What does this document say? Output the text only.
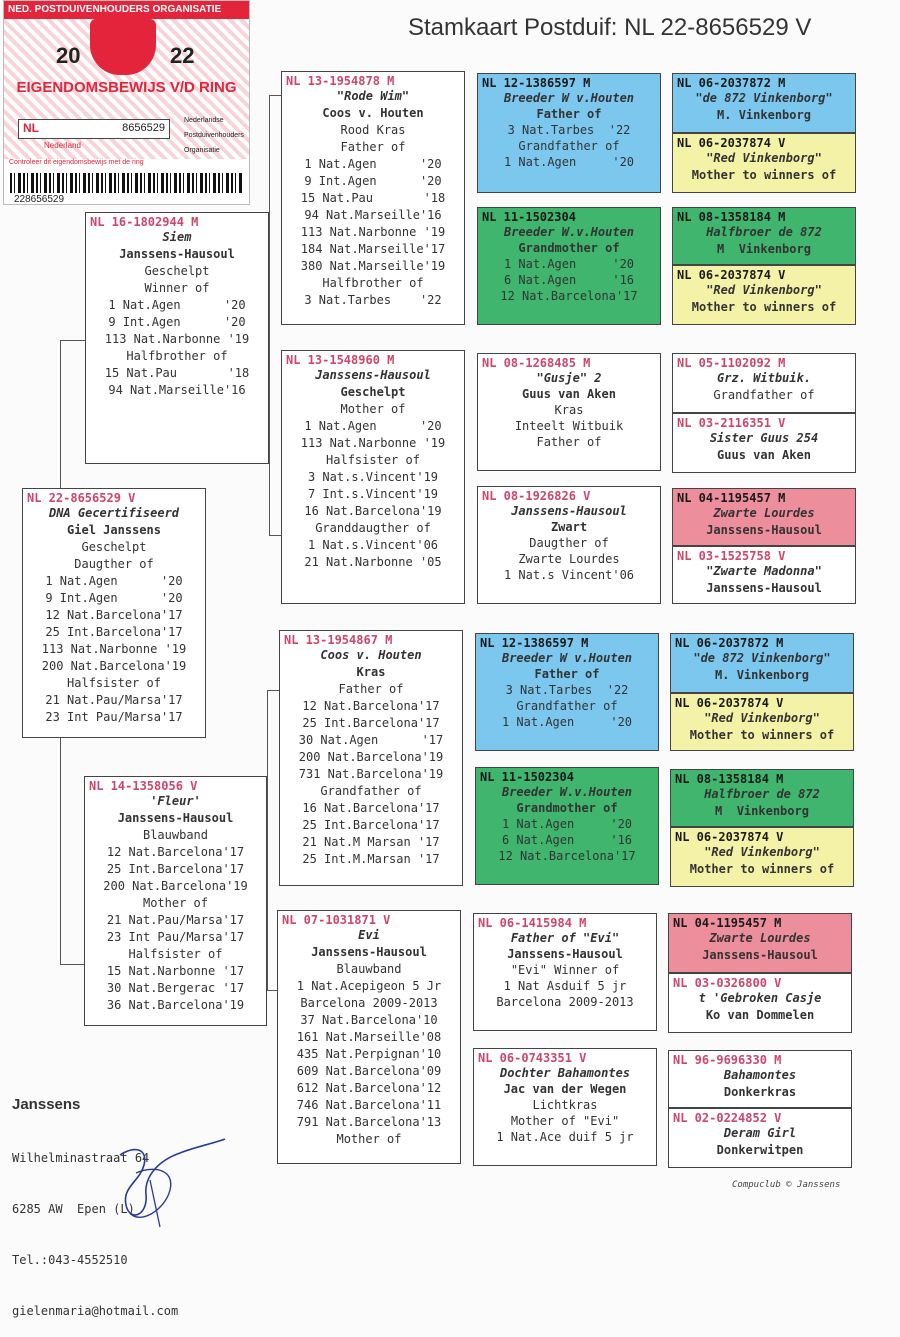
NED. POSTDUIVENHOUDERS ORGANISATIE
20	22
EIGENDOMSBEWIJS V/D RING
NL	8656529
Nederland
Nederlandse
Postduivenhouders
Organisatie
Controleer dit eigendomsbewijs met de ring
228656529
Stamkaart Postduif: NL 22-8656529 V
NL 22-8656529 V
DNA Gecertifiseerd
Giel Janssens
Geschelpt
Daugther of
1 Nat.Agen      '20
9 Int.Agen      '20
12 Nat.Barcelona'17
25 Int.Barcelona'17
113 Nat.Narbonne '19
200 Nat.Barcelona'19
Halfsister of
21 Nat.Pau/Marsa'17
23 Int Pau/Marsa'17
NL 16-1802944 M
Siem
Janssens-Hausoul
Geschelpt
Winner of
1 Nat.Agen      '20
9 Int.Agen      '20
113 Nat.Narbonne '19
Halfbrother of
15 Nat.Pau       '18
94 Nat.Marseille'16
NL 14-1358056 V
'Fleur'
Janssens-Hausoul
Blauwband
12 Nat.Barcelona'17
25 Int.Barcelona'17
200 Nat.Barcelona'19
Mother of
21 Nat.Pau/Marsa'17
23 Int Pau/Marsa'17
Halfsister of
15 Nat.Narbonne '17
30 Nat.Bergerac '17
36 Nat.Barcelona'19
NL 13-1954878 M
"Rode Wim"
Coos v. Houten
Rood Kras
Father of
1 Nat.Agen      '20
9 Int.Agen      '20
15 Nat.Pau       '18
94 Nat.Marseille'16
113 Nat.Narbonne '19
184 Nat.Marseille'17
380 Nat.Marseille'19
Halfbrother of
3 Nat.Tarbes    '22
NL 13-1548960 M
Janssens-Hausoul
Geschelpt
Mother of
1 Nat.Agen      '20
113 Nat.Narbonne '19
Halfsister of
3 Nat.s.Vincent'19
7 Int.s.Vincent'19
16 Nat.Barcelona'19
Granddaugther of
1 Nat.s.Vincent'06
21 Nat.Narbonne '05
NL 13-1954867 M
Coos v. Houten
Kras
Father of
12 Nat.Barcelona'17
25 Int.Barcelona'17
30 Nat.Agen      '17
200 Nat.Barcelona'19
731 Nat.Barcelona'19
Grandfather of
16 Nat.Barcelona'17
25 Int.Barcelona'17
21 Nat.M Marsan '17
25 Int.M.Marsan '17
NL 07-1031871 V
Evi
Janssens-Hausoul
Blauwband
1 Nat.Acepigeon 5 Jr
Barcelona 2009-2013
37 Nat.Barcelona'10
161 Nat.Marseille'08
435 Nat.Perpignan'10
609 Nat.Barcelona'09
612 Nat.Barcelona'12
746 Nat.Barcelona'11
791 Nat.Barcelona'13
Mother of
NL 12-1386597 M
Breeder W v.Houten
Father of
3 Nat.Tarbes  '22
Grandfather of
1 Nat.Agen     '20
NL 11-1502304
Breeder W.v.Houten
Grandmother of
1 Nat.Agen     '20
6 Nat.Agen     '16
12 Nat.Barcelona'17
NL 08-1268485 M
"Gusje" 2
Guus van Aken
Kras
Inteelt Witbuik
Father of
NL 08-1926826 V
Janssens-Hausoul
Zwart
Daugther of
Zwarte Lourdes
1 Nat.s Vincent'06
NL 12-1386597 M
Breeder W v.Houten
Father of
3 Nat.Tarbes  '22
Grandfather of
1 Nat.Agen     '20
NL 11-1502304
Breeder W.v.Houten
Grandmother of
1 Nat.Agen     '20
6 Nat.Agen     '16
12 Nat.Barcelona'17
NL 06-1415984 M
Father of "Evi"
Janssens-Hausoul
"Evi" Winner of
1 Nat Asduif 5 jr
Barcelona 2009-2013
NL 06-0743351 V
Dochter Bahamontes
Jac van der Wegen
Lichtkras
Mother of "Evi"
1 Nat.Ace duif 5 jr
NL 06-2037872 M
"de 872 Vinkenborg"
M. Vinkenborg
NL 06-2037874 V
"Red Vinkenborg"
Mother to winners of
NL 08-1358184 M
Halfbroer de 872
M  Vinkenborg
NL 06-2037874 V
"Red Vinkenborg"
Mother to winners of
NL 05-1102092 M
Grz. Witbuik.
Grandfather of
NL 03-2116351 V
Sister Guus 254
Guus van Aken
NL 04-1195457 M
Zwarte Lourdes
Janssens-Hausoul
NL 03-1525758 V
"Zwarte Madonna"
Janssens-Hausoul
NL 06-2037872 M
"de 872 Vinkenborg"
M. Vinkenborg
NL 06-2037874 V
"Red Vinkenborg"
Mother to winners of
NL 08-1358184 M
Halfbroer de 872
M  Vinkenborg
NL 06-2037874 V
"Red Vinkenborg"
Mother to winners of
NL 04-1195457 M
Zwarte Lourdes
Janssens-Hausoul
NL 03-0326800 V
t 'Gebroken Casje
Ko van Dommelen
NL 96-9696330 M
Bahamontes
Donkerkras
NL 02-0224852 V
Deram Girl
Donkerwitpen

Janssens

Wilhelminastraat 64

6285 AW  Epen (L)

Tel.:043-4552510

gielenmaria@hotmail.com

Compuclub © Janssens
